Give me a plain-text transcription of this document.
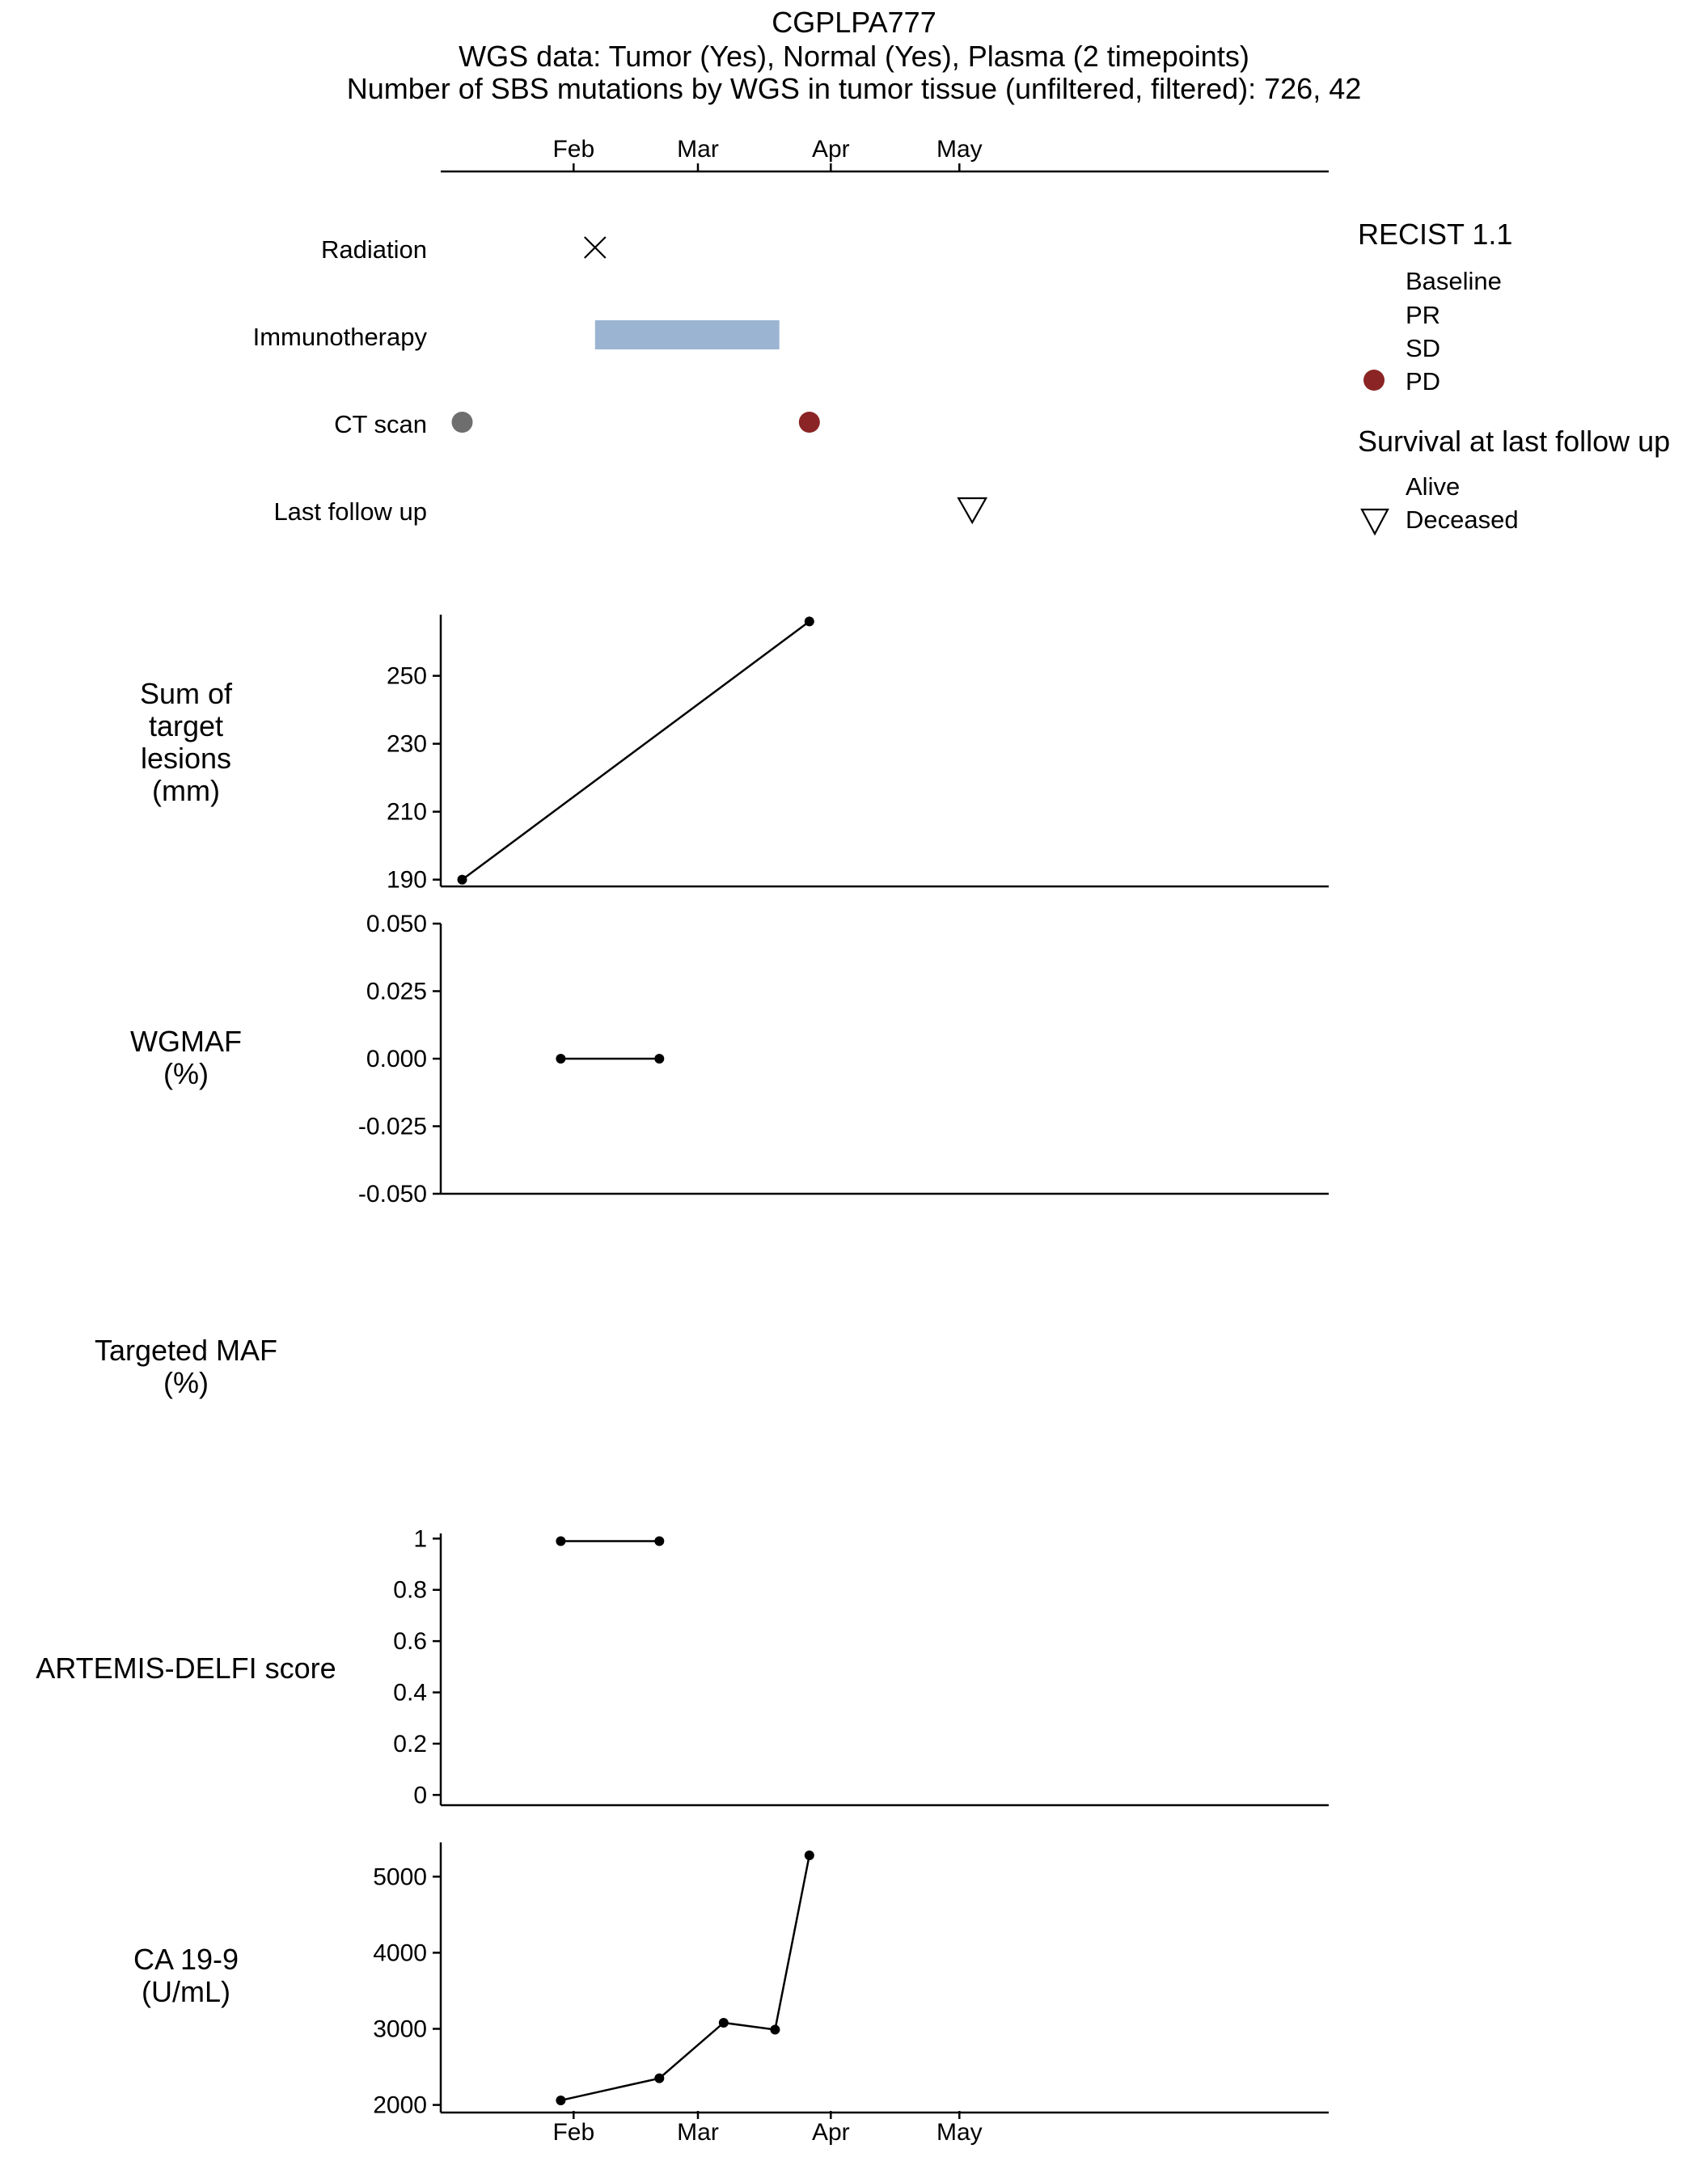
CGPLPA777
WGS data: Tumor (Yes), Normal (Yes), Plasma (2 timepoints)
Number of SBS mutations by WGS in tumor tissue (unfiltered, filtered): 726, 42
Feb	Mar	Apr	May
Radiation
Immunotherapy
CT scan
Last follow up
RECIST 1.1
Baseline
PR
SD
PD
Survival at last follow up
Alive
Deceased
Sum of
target
lesions
(mm)
190
210
230
250
WGMAF
(%)
-0.050
-0.025
0.000
0.025
0.050
Targeted MAF
(%)
ARTEMIS-DELFI score
0
0.2
0.4
0.6
0.8
1
CA 19-9
(U/mL)
2000
3000
4000
5000
Feb	Mar	Apr	May
